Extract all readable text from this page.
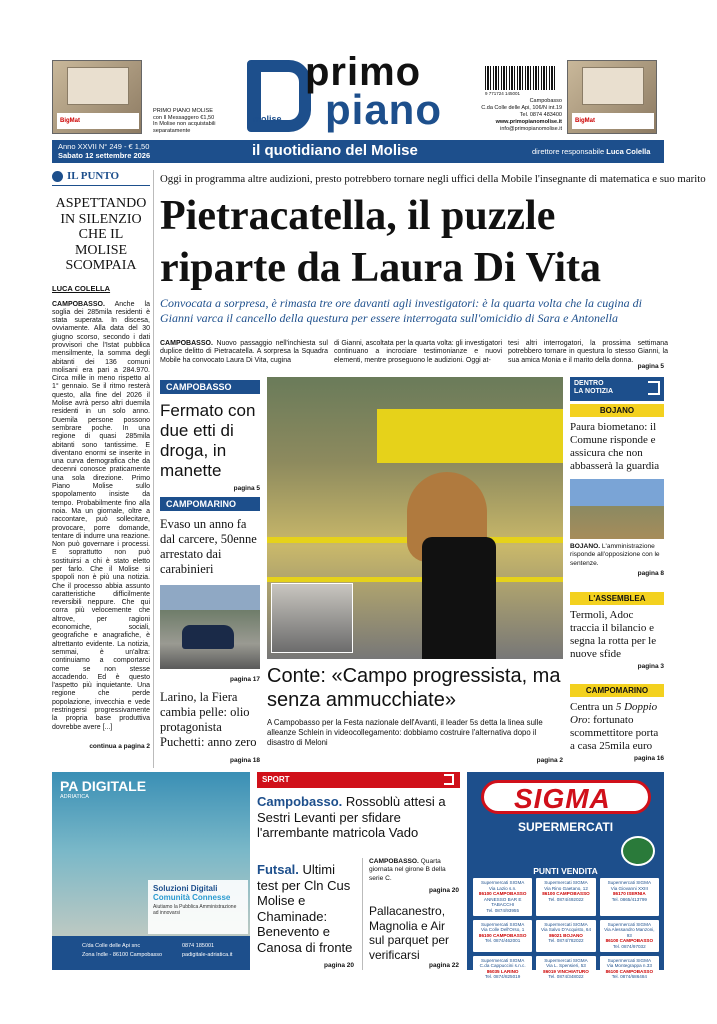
BigMat
PRIMO PIANO MOLISE
con Il Messaggero €1,50
In Molise non acquistabili
separatamente
primo
piano
molise
9 771724 145001
Campobasso
C.da Colle delle Api, 106/N int.19
Tel. 0874 483400
www.primopianomolise.it
info@primopianomolise.it
BigMat
Anno XXVII N° 249 - € 1,50
Sabato 12 settembre 2026	il quotidiano del Molise	direttore responsabile Luca Colella
IL PUNTO
ASPETTANDO IN SILENZIO CHE IL MOLISE SCOMPAIA
LUCA COLELLA
CAMPOBASSO. Anche la soglia dei 285mila residenti è stata superata. In discesa, ovviamente. Alla data del 30 giugno scorso, secondo i dati provvisori che l'Istat pubblica mensilmente, la somma degli abitanti dei 136 comuni molisani era pari a 284.970. Circa mille in meno rispetto al 1° gennaio. Se il ritmo resterà questo, alla fine del 2026 il Molise avrà perso altri duemila residenti in un solo anno. Duemila persone possono sembrare poche. In una regione di quasi 285mila abitanti sono tantissime. E diventano enormi se inserite in una curva demografica che da decenni conosce praticamente una sola direzione. Primo Piano Molise sullo spopolamento insiste da tempo. Probabilmente fino alla noia. Ma un giornale, oltre a raccontare, può sollecitare, provocare, porre domande, tentare di indurre una reazione. Non può governare i processi. E soprattutto non può sostituirsi a chi è stato eletto per farlo. Che il Molise si spopoli non è più una notizia. Che il processo abbia assunto caratteristiche difficilmente reversibili neppure. Che qui corra più velocemente che altrove, per ragioni economiche, sociali, geografiche e anagrafiche, è altrettanto evidente. La notizia, semmai, è un'altra: continuiamo a comportarci come se non stesse accadendo. Ed è questo l'aspetto più inquietante. Una regione che perde popolazione, invecchia e vede restringersi progressivamente la propria base produttiva dovrebbe avere [...]
continua a pagina 2
Oggi in programma altre audizioni, presto potrebbero tornare negli uffici della Mobile l'insegnante di matematica e suo marito
Pietracatella, il puzzle riparte da Laura Di Vita
Convocata a sorpresa, è rimasta tre ore davanti agli investigatori: è la quarta volta che la cugina di Gianni varca il cancello della questura per essere interrogata sull'omicidio di Sara e Antonella
CAMPOBASSO. Nuovo passaggio nell'inchiesta sul duplice delitto di Pietracatella. A sorpresa la Squadra Mobile ha convocato Laura Di Vita, cugina
di Gianni, ascoltata per la quarta volta: gli investigatori continuano a incrociare testimonianze e nuovi elementi, mentre proseguono le audizioni. Oggi at-
tesi altri interrogatori, la prossima settimana potrebbero tornare in questura lo stesso Gianni, la sua amica Monia e il marito della donna.
pagina 5
CAMPOBASSO
Fermato con due etti di droga, in manette
pagina 5
CAMPOMARINO
Evaso un anno fa dal carcere, 50enne arrestato dai carabinieri
pagina 17
Larino, la Fiera cambia pelle: olio protagonista Puchetti: anno zero
pagina 18
Conte: «Campo progressista, ma senza ammucchiate»
A Campobasso per la Festa nazionale dell'Avanti, il leader 5s detta la linea sulle alleanze Schlein in videocollegamento: dobbiamo costruire l'alternativa dopo il disastro di Meloni
pagina 2
DENTRO
LA NOTIZIA
BOJANO
Paura biometano: il Comune risponde e assicura che non abbasserà la guardia
BOJANO. L'amministrazione risponde all'opposizione con le sentenze.
pagina 8
L'ASSEMBLEA
Termoli, Adoc traccia il bilancio e segna la rotta per le nuove sfide
pagina 3
CAMPOMARINO
Centra un 5 Doppio Oro: fortunato scommettitore porta a casa 25mila euro
pagina 16
PA DIGITALE
ADRIATICA
Soluzioni Digitali
Comunità Connesse
Aiutiamo la Pubblica Amministrazione ad innovarsi
C/da Colle delle Api snc
Zona Indle - 86100 Campobasso
0874 185001
padigitale-adriatica.it
SPORT
Campobasso. Rossoblù attesi a Sestri Levanti per sfidare l'arrembante matricola Vado
Futsal. Ultimi test per Cln Cus Molise e Chaminade: Benevento e Canosa di fronte
pagina 20
CAMPOBASSO. Quarta giornata nel girone B della serie C.
pagina 20
Pallacanestro, Magnolia e Air sul parquet per verificarsi
pagina 22
SIGMA
SUPERMERCATI
PUNTI VENDITA
Supermercati SIGMA
Via Lazio s.n.
86100 CAMPOBASSO
ANNESSO BAR E TABACCHI
Tel. 0874/93955
Supermercati SIGMA
Via Rino Gaetano, 12
86100 CAMPOBASSO
Tel. 0874/492022
Supermercati SIGMA
Via Giovanni XXIII
86170 ISERNIA
Tel. 0865/413799
Supermercati SIGMA
Via Colle Dell'Orso, 1
86100 CAMPOBASSO
Tel. 0874/462001
Supermercati SIGMA
Via Salvo D'Acquisto, 64
86021 BOJANO
Tel. 0874/782022
Supermercati SIGMA
Via Alessandro Manzoni, 93
86100 CAMPOBASSO
Tel. 0874/97032
Supermercati SIGMA
C.da Cappuccini s.n.c.
86035 LARINO
Tel. 0874/825019
Supermercati SIGMA
Via L. Spensieri, 53
86019 VINCHIATURO
Tel. 0874/348022
Supermercati SIGMA
Via Montegrappa n.33
86100 CAMPOBASSO
Tel. 0874/686484
